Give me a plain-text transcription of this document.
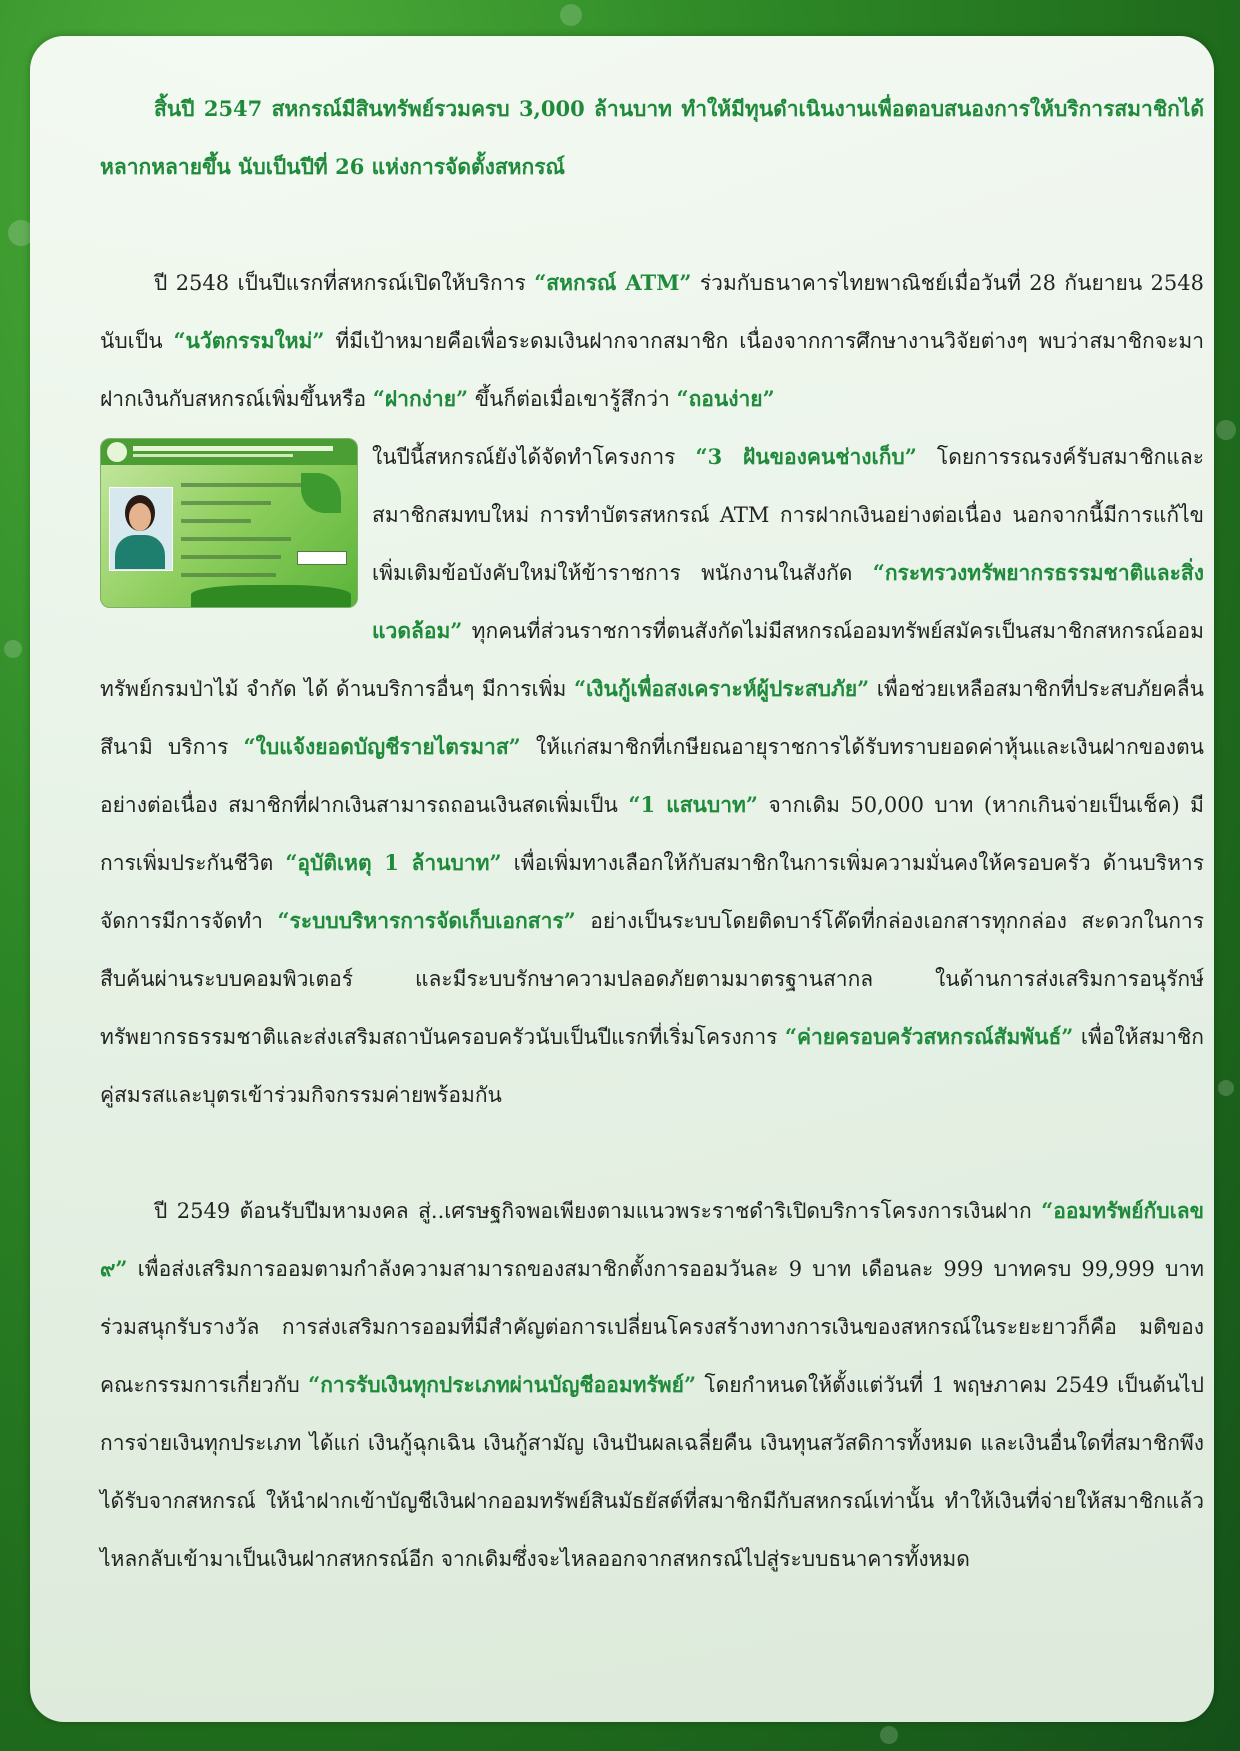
สิ้นปี 2547 สหกรณ์มีสินทรัพย์รวมครบ 3,000 ล้านบาท ทำให้มีทุนดำเนินงานเพื่อตอบสนองการให้บริการสมาชิกได้หลากหลายขึ้น นับเป็นปีที่ 26 แห่งการจัดตั้งสหกรณ์

ปี 2548 เป็นปีแรกที่สหกรณ์เปิดให้บริการ “สหกรณ์ ATM” ร่วมกับธนาคารไทยพาณิชย์เมื่อวันที่ 28 กันยายน 2548 นับเป็น “นวัตกรรมใหม่” ที่มีเป้าหมายคือเพื่อระดมเงินฝากจากสมาชิก เนื่องจากการศึกษางานวิจัยต่างๆ พบว่าสมาชิกจะมาฝากเงินกับสหกรณ์เพิ่มขึ้นหรือ “ฝากง่าย” ขึ้นก็ต่อเมื่อเขารู้สึกว่า “ถอนง่าย”

ในปีนี้สหกรณ์ยังได้จัดทำโครงการ “3 ฝันของคนช่างเก็บ” โดยการรณรงค์รับสมาชิกและสมาชิกสมทบใหม่ การทำบัตรสหกรณ์ ATM การฝากเงินอย่างต่อเนื่อง นอกจากนี้มีการแก้ไขเพิ่มเติมข้อบังคับใหม่ให้ข้าราชการ พนักงานในสังกัด “กระทรวงทรัพยากรธรรมชาติและสิ่งแวดล้อม” ทุกคนที่ส่วนราชการที่ตนสังกัดไม่มีสหกรณ์ออมทรัพย์สมัครเป็นสมาชิกสหกรณ์ออมทรัพย์กรมป่าไม้ จำกัด ได้ ด้านบริการอื่นๆ มีการเพิ่ม “เงินกู้เพื่อสงเคราะห์ผู้ประสบภัย” เพื่อช่วยเหลือสมาชิกที่ประสบภัยคลื่นสึนามิ บริการ “ใบแจ้งยอดบัญชีรายไตรมาส” ให้แก่สมาชิกที่เกษียณอายุราชการได้รับทราบยอดค่าหุ้นและเงินฝากของตนอย่างต่อเนื่อง สมาชิกที่ฝากเงินสามารถถอนเงินสดเพิ่มเป็น “1 แสนบาท” จากเดิม 50,000 บาท (หากเกินจ่ายเป็นเช็ค) มีการเพิ่มประกันชีวิต “อุบัติเหตุ 1 ล้านบาท” เพื่อเพิ่มทางเลือกให้กับสมาชิกในการเพิ่มความมั่นคงให้ครอบครัว ด้านบริหารจัดการมีการจัดทำ “ระบบบริหารการจัดเก็บเอกสาร” อย่างเป็นระบบโดยติดบาร์โค๊ดที่กล่องเอกสารทุกกล่อง สะดวกในการสืบค้นผ่านระบบคอมพิวเตอร์ และมีระบบรักษาความปลอดภัยตามมาตรฐานสากล ในด้านการส่งเสริมการอนุรักษ์ทรัพยากรธรรมชาติและส่งเสริมสถาบันครอบครัวนับเป็นปีแรกที่เริ่มโครงการ “ค่ายครอบครัวสหกรณ์สัมพันธ์” เพื่อให้สมาชิก คู่สมรสและบุตรเข้าร่วมกิจกรรมค่ายพร้อมกัน

ปี 2549 ต้อนรับปีมหามงคล สู่..เศรษฐกิจพอเพียงตามแนวพระราชดำริเปิดบริการโครงการเงินฝาก “ออมทรัพย์กับเลข ๙” เพื่อส่งเสริมการออมตามกำลังความสามารถของสมาชิกตั้งการออมวันละ 9 บาท เดือนละ 999 บาทครบ 99,999 บาทร่วมสนุกรับรางวัล การส่งเสริมการออมที่มีสำคัญต่อการเปลี่ยนโครงสร้างทางการเงินของสหกรณ์ในระยะยาวก็คือ มติของคณะกรรมการเกี่ยวกับ “การรับเงินทุกประเภทผ่านบัญชีออมทรัพย์” โดยกำหนดให้ตั้งแต่วันที่ 1 พฤษภาคม 2549 เป็นต้นไป การจ่ายเงินทุกประเภท ได้แก่ เงินกู้ฉุกเฉิน เงินกู้สามัญ เงินปันผลเฉลี่ยคืน เงินทุนสวัสดิการทั้งหมด และเงินอื่นใดที่สมาชิกพึงได้รับจากสหกรณ์ ให้นำฝากเข้าบัญชีเงินฝากออมทรัพย์สินมัธยัสต์ที่สมาชิกมีกับสหกรณ์เท่านั้น ทำให้เงินที่จ่ายให้สมาชิกแล้วไหลกลับเข้ามาเป็นเงินฝากสหกรณ์อีก จากเดิมซึ่งจะไหลออกจากสหกรณ์ไปสู่ระบบธนาคารทั้งหมด
